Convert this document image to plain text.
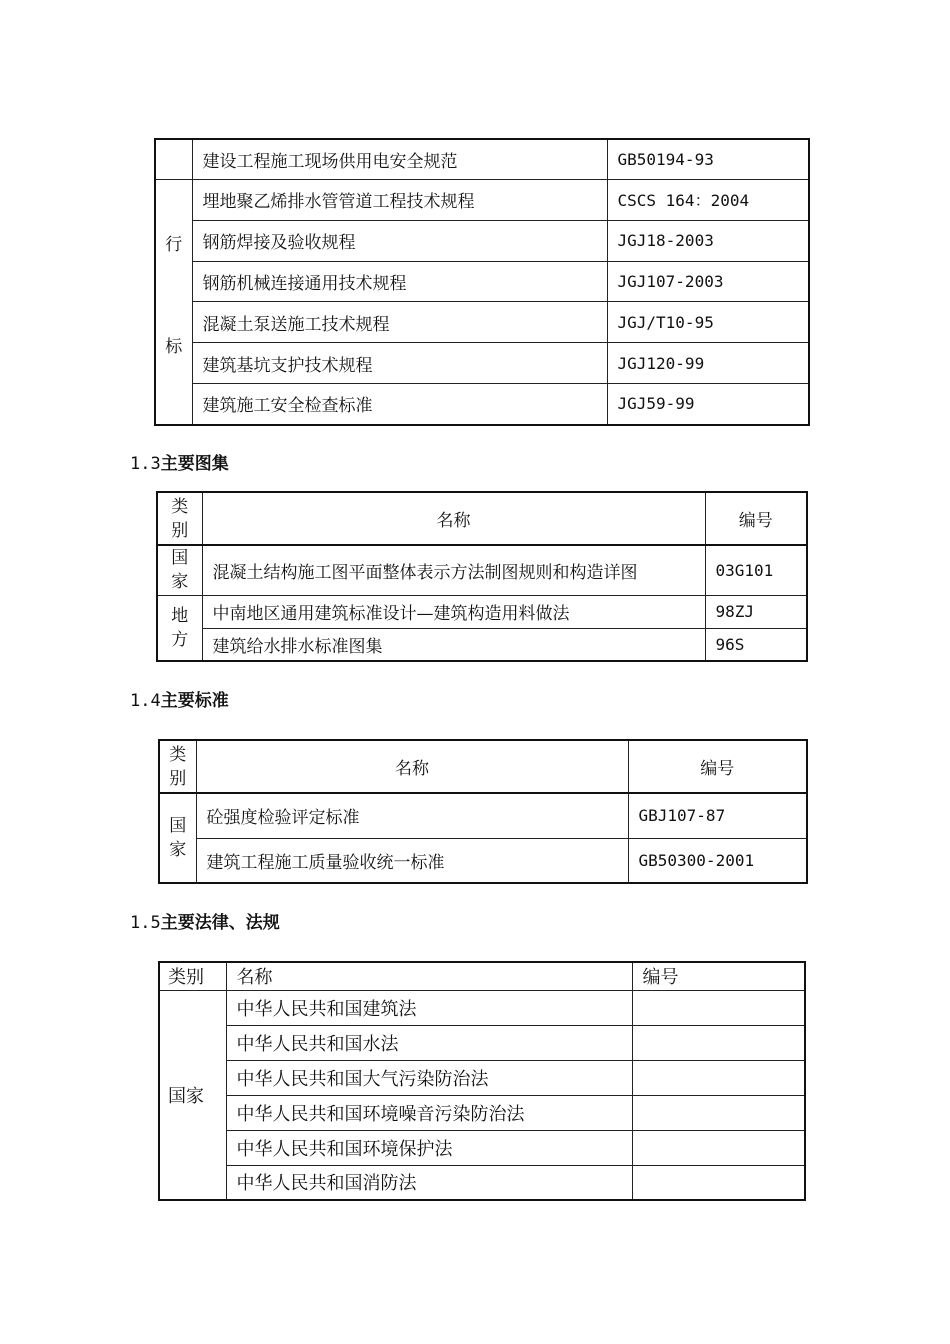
	建设工程施工现场供用电安全规范	GB50194-93

行
标	埋地聚乙烯排水管管道工程技术规程	CSCS 164：2004
	钢筋焊接及验收规程	JGJ18-2003
	钢筋机械连接通用技术规程	JGJ107-2003
	混凝土泵送施工技术规程	JGJ/T10-95
	建筑基坑支护技术规程	JGJ120-99
	建筑施工安全检查标准	JGJ59-99
1.3主要图集
类
别	名称	编号

国
家	混凝土结构施工图平面整体表示方法制图规则和构造详图	03G101

地
方	中南地区通用建筑标准设计—建筑构造用料做法	98ZJ
	建筑给水排水标准图集	96S
1.4主要标准
类
别	名称	编号

国
家	砼强度检验评定标准	GBJ107-87
	建筑工程施工质量验收统一标准	GB50300-2001
1.5主要法律、法规
类别	名称	编号
国家	中华人民共和国建筑法	
	中华人民共和国水法	
	中华人民共和国大气污染防治法	
	中华人民共和国环境噪音污染防治法	
	中华人民共和国环境保护法	
	中华人民共和国消防法	
